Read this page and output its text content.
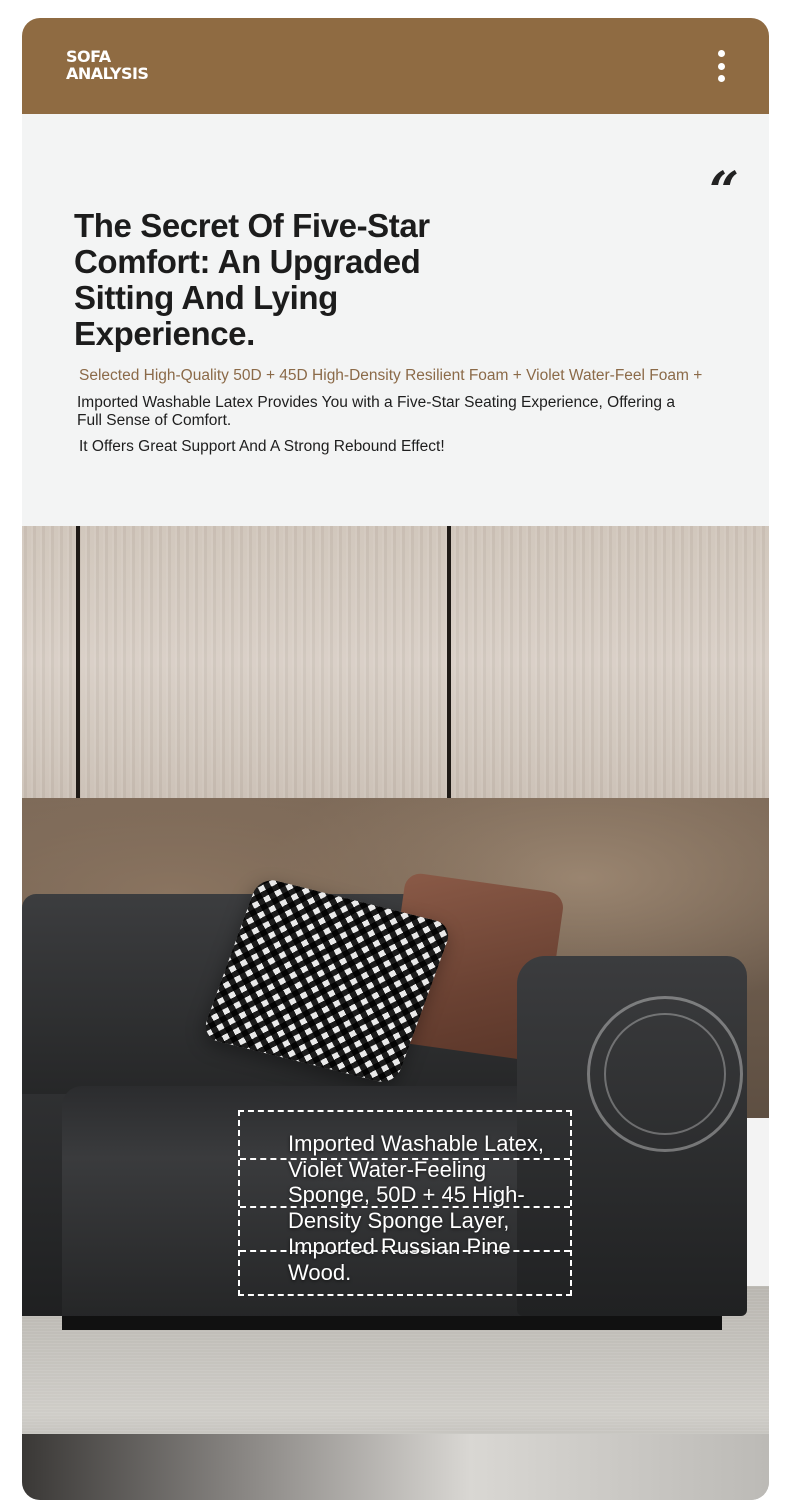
SOFA
ANALYSIS
“
The Secret Of Five-Star Comfort: An Upgraded Sitting And Lying Experience.

Selected High-Quality 50D + 45D High-Density Resilient Foam + Violet Water-Feel Foam +

Imported Washable Latex Provides You with a Five-Star Seating Experience, Offering a Full Sense of Comfort.

It Offers Great Support And A Strong Rebound Effect!

Imported Washable Latex, Violet Water-Feeling Sponge, 50D + 45 High-Density Sponge Layer, Imported Russian Pine Wood.
